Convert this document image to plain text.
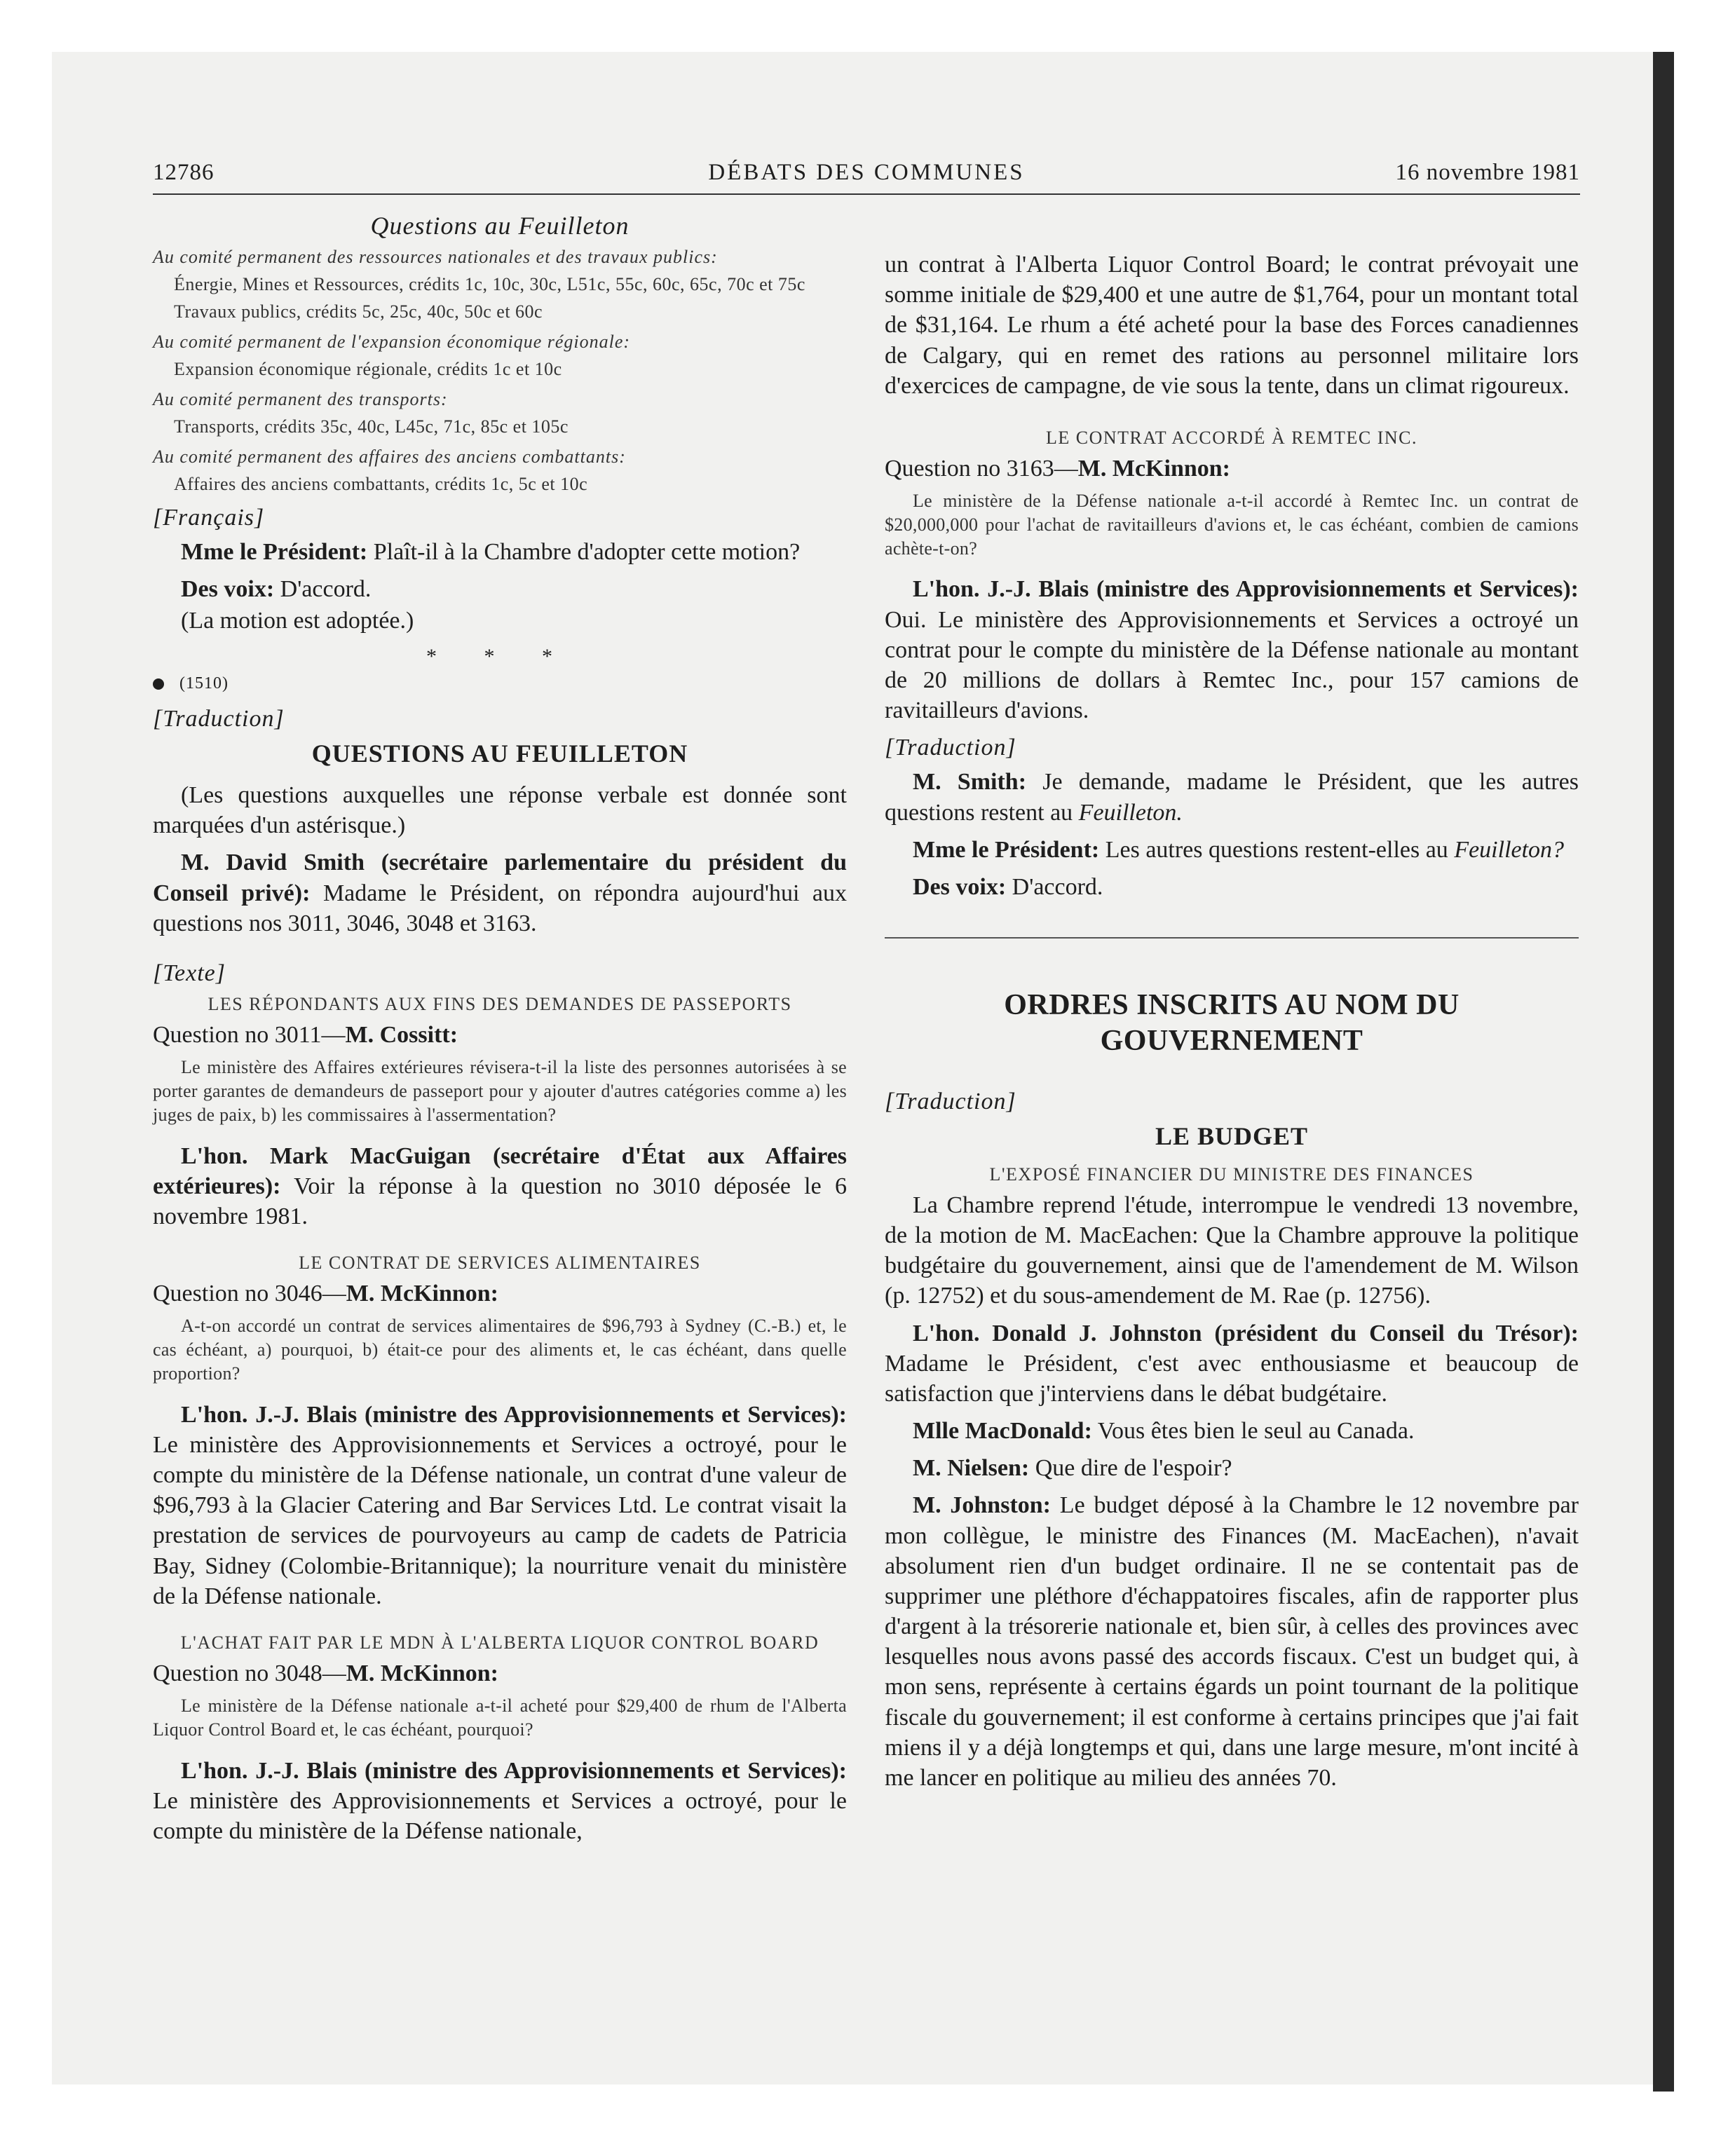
12786	DÉBATS DES COMMUNES	16 novembre 1981

Questions au Feuilleton

Au comité permanent des ressources nationales et des travaux publics:

Énergie, Mines et Ressources, crédits 1c, 10c, 30c, L51c, 55c, 60c, 65c, 70c et 75c

Travaux publics, crédits 5c, 25c, 40c, 50c et 60c

Au comité permanent de l'expansion économique régionale:

Expansion économique régionale, crédits 1c et 10c

Au comité permanent des transports:

Transports, crédits 35c, 40c, L45c, 71c, 85c et 105c

Au comité permanent des affaires des anciens combattants:

Affaires des anciens combattants, crédits 1c, 5c et 10c

[Français]

Mme le Président: Plaît-il à la Chambre d'adopter cette motion?

Des voix: D'accord.

(La motion est adoptée.)

* * *

(1510)

[Traduction]

QUESTIONS AU FEUILLETON

(Les questions auxquelles une réponse verbale est donnée sont marquées d'un astérisque.)

M. David Smith (secrétaire parlementaire du président du Conseil privé): Madame le Président, on répondra aujourd'hui aux questions nos 3011, 3046, 3048 et 3163.

[Texte]

LES RÉPONDANTS AUX FINS DES DEMANDES DE PASSEPORTS

Question no 3011—M. Cossitt:

Le ministère des Affaires extérieures révisera-t-il la liste des personnes autorisées à se porter garantes de demandeurs de passeport pour y ajouter d'autres catégories comme a) les juges de paix, b) les commissaires à l'assermentation?

L'hon. Mark MacGuigan (secrétaire d'État aux Affaires extérieures): Voir la réponse à la question no 3010 déposée le 6 novembre 1981.

LE CONTRAT DE SERVICES ALIMENTAIRES

Question no 3046—M. McKinnon:

A-t-on accordé un contrat de services alimentaires de $96,793 à Sydney (C.-B.) et, le cas échéant, a) pourquoi, b) était-ce pour des aliments et, le cas échéant, dans quelle proportion?

L'hon. J.-J. Blais (ministre des Approvisionnements et Services): Le ministère des Approvisionnements et Services a octroyé, pour le compte du ministère de la Défense nationale, un contrat d'une valeur de $96,793 à la Glacier Catering and Bar Services Ltd. Le contrat visait la prestation de services de pourvoyeurs au camp de cadets de Patricia Bay, Sidney (Colombie-Britannique); la nourriture venait du ministère de la Défense nationale.

L'ACHAT FAIT PAR LE MDN À L'ALBERTA LIQUOR CONTROL BOARD

Question no 3048—M. McKinnon:

Le ministère de la Défense nationale a-t-il acheté pour $29,400 de rhum de l'Alberta Liquor Control Board et, le cas échéant, pourquoi?

L'hon. J.-J. Blais (ministre des Approvisionnements et Services): Le ministère des Approvisionnements et Services a octroyé, pour le compte du ministère de la Défense nationale,

un contrat à l'Alberta Liquor Control Board; le contrat prévoyait une somme initiale de $29,400 et une autre de $1,764, pour un montant total de $31,164. Le rhum a été acheté pour la base des Forces canadiennes de Calgary, qui en remet des rations au personnel militaire lors d'exercices de campagne, de vie sous la tente, dans un climat rigoureux.

LE CONTRAT ACCORDÉ À REMTEC INC.

Question no 3163—M. McKinnon:

Le ministère de la Défense nationale a-t-il accordé à Remtec Inc. un contrat de $20,000,000 pour l'achat de ravitailleurs d'avions et, le cas échéant, combien de camions achète-t-on?

L'hon. J.-J. Blais (ministre des Approvisionnements et Services): Oui. Le ministère des Approvisionnements et Services a octroyé un contrat pour le compte du ministère de la Défense nationale au montant de 20 millions de dollars à Remtec Inc., pour 157 camions de ravitailleurs d'avions.

[Traduction]

M. Smith: Je demande, madame le Président, que les autres questions restent au Feuilleton.

Mme le Président: Les autres questions restent-elles au Feuilleton?

Des voix: D'accord.

ORDRES INSCRITS AU NOM DU GOUVERNEMENT

[Traduction]

LE BUDGET

L'EXPOSÉ FINANCIER DU MINISTRE DES FINANCES

La Chambre reprend l'étude, interrompue le vendredi 13 novembre, de la motion de M. MacEachen: Que la Chambre approuve la politique budgétaire du gouvernement, ainsi que de l'amendement de M. Wilson (p. 12752) et du sous-amendement de M. Rae (p. 12756).

L'hon. Donald J. Johnston (président du Conseil du Trésor): Madame le Président, c'est avec enthousiasme et beaucoup de satisfaction que j'interviens dans le débat budgétaire.

Mlle MacDonald: Vous êtes bien le seul au Canada.

M. Nielsen: Que dire de l'espoir?

M. Johnston: Le budget déposé à la Chambre le 12 novembre par mon collègue, le ministre des Finances (M. MacEachen), n'avait absolument rien d'un budget ordinaire. Il ne se contentait pas de supprimer une pléthore d'échappatoires fiscales, afin de rapporter plus d'argent à la trésorerie nationale et, bien sûr, à celles des provinces avec lesquelles nous avons passé des accords fiscaux. C'est un budget qui, à mon sens, représente à certains égards un point tournant de la politique fiscale du gouvernement; il est conforme à certains principes que j'ai fait miens il y a déjà longtemps et qui, dans une large mesure, m'ont incité à me lancer en politique au milieu des années 70.
